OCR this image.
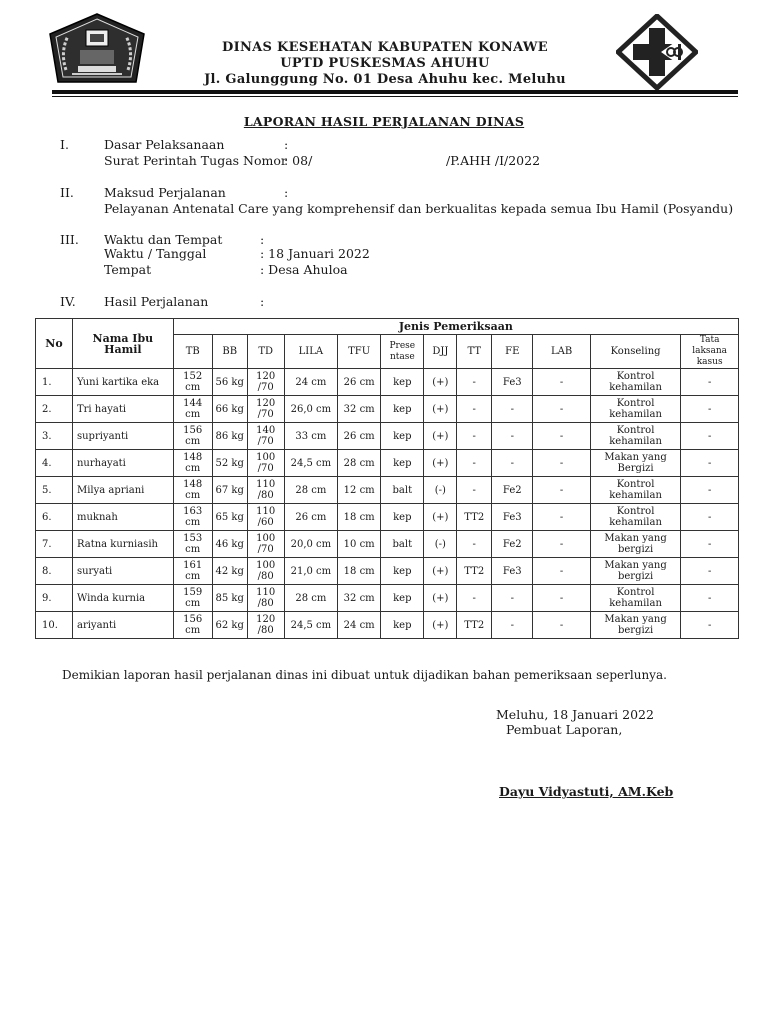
DINAS KESEHATAN KABUPATEN KONAWE
UPTD PUSKESMAS AHUHU
Jl. Galunggung No. 01 Desa Ahuhu kec. Meluhu
LAPORAN HASIL PERJALANAN DINAS
I.	Dasar Pelaksanaan	:
Surat Perintah Tugas Nomor
: 08/	/P.AHH /I/2022
II. Maksud Perjalanan	:
Pelayanan Antenatal Care yang komprehensif dan berkualitas kepada semua Ibu Hamil (Posyandu)
III. Waktu dan Tempat	:
Waktu / Tanggal	: 18 Januari 2022
Tempat	: Desa Ahuloa
IV. Hasil Perjalanan	:
No	Nama Ibu Hamil	Jenis Pemeriksaan											
		TB	BB	TD	LILA	TFU	Prese ntase	DJJ	TT	FE	LAB	Konseling	Tata laksana kasus
1.	Yuni kartika eka	152 cm	56 kg	120 /70	24 cm	26 cm	kep	(+)	-	Fe3	-	Kontrol kehamilan	-
2.	Tri hayati	144 cm	66 kg	120 /70	26,0 cm	32 cm	kep	(+)	-	-	-	Kontrol kehamilan	-
3.	supriyanti	156 cm	86 kg	140 /70	33 cm	26 cm	kep	(+)	-	-	-	Kontrol kehamilan	-
4.	nurhayati	148 cm	52 kg	100 /70	24,5 cm	28 cm	kep	(+)	-	-	-	Makan yang Bergizi	-
5.	Milya apriani	148 cm	67 kg	110 /80	28 cm	12 cm	balt	(-)	-	Fe2	-	Kontrol kehamilan	-
6.	muknah	163 cm	65 kg	110 /60	26 cm	18 cm	kep	(+)	TT2	Fe3	-	Kontrol kehamilan	-
7.	Ratna kurniasih	153 cm	46 kg	100 /70	20,0 cm	10 cm	balt	(-)	-	Fe2	-	Makan yang bergizi	-
8.	suryati	161 cm	42 kg	100 /80	21,0 cm	18 cm	kep	(+)	TT2	Fe3	-	Makan yang bergizi	-
9.	Winda kurnia	159 cm	85 kg	110 /80	28 cm	32 cm	kep	(+)	-	-	-	Kontrol kehamilan	-
10.	ariyanti	156 cm	62 kg	120 /80	24,5 cm	24 cm	kep	(+)	TT2	-	-	Makan yang bergizi	-
Demikian laporan hasil perjalanan dinas ini dibuat untuk dijadikan bahan pemeriksaan seperlunya.
Meluhu, 18 Januari 2022
Pembuat Laporan,
Dayu Vidyastuti, AM.Keb
